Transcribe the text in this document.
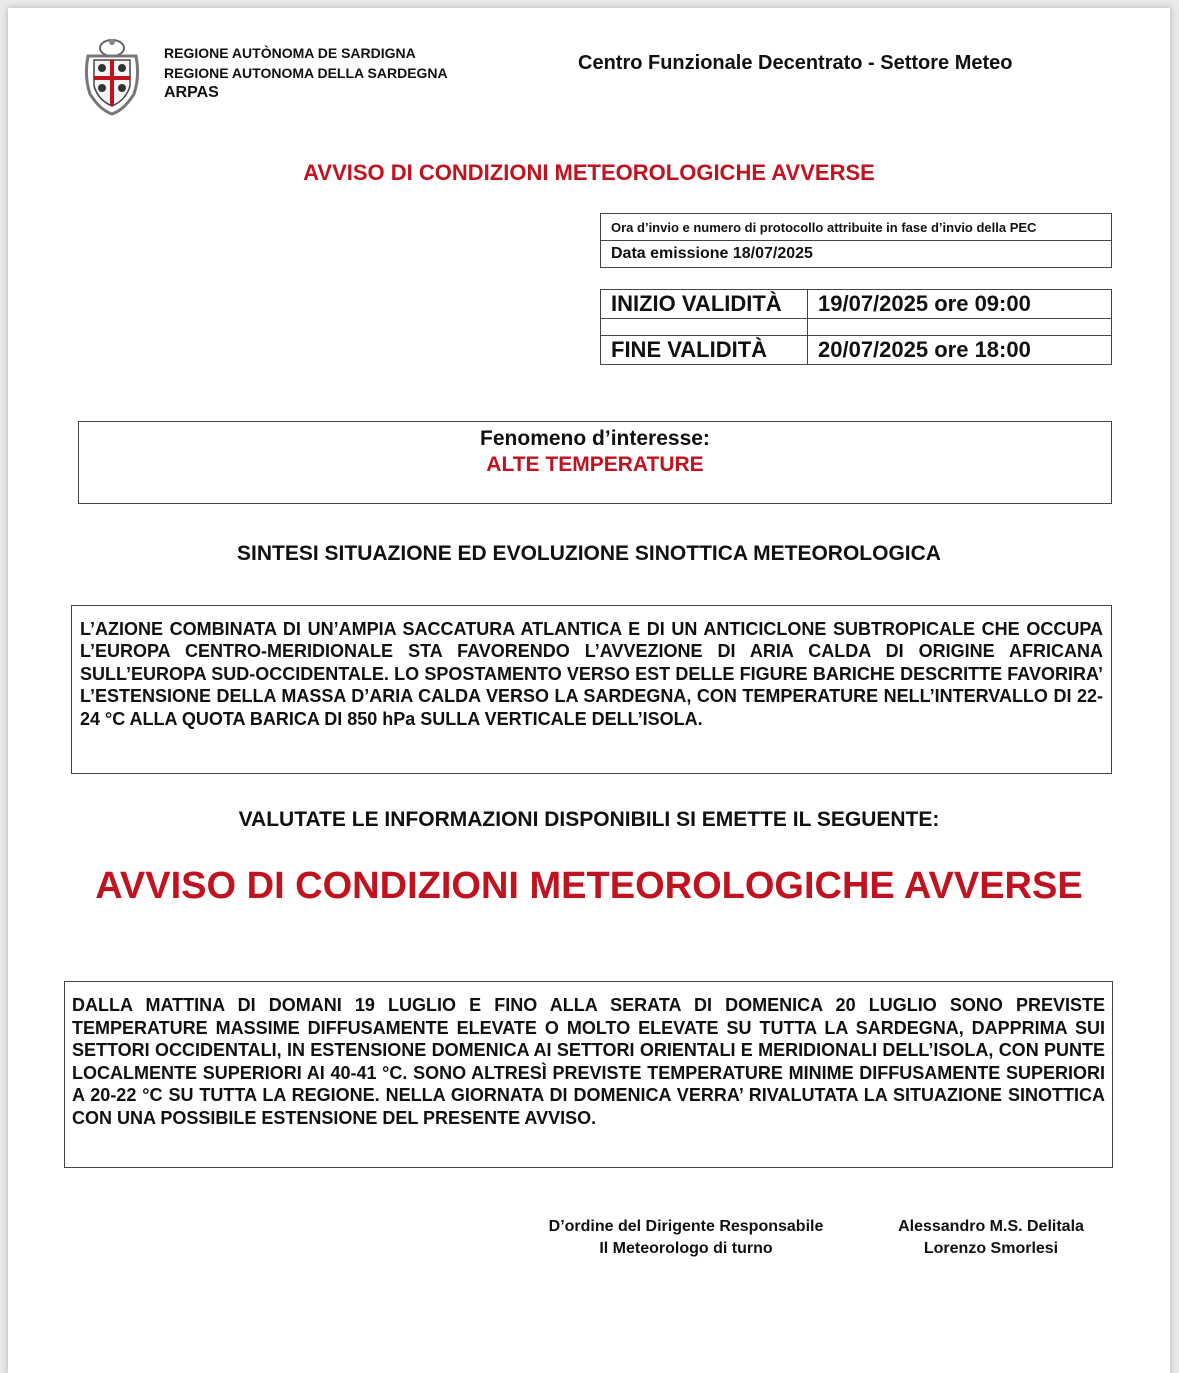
REGIONE AUTÒNOMA DE SARDIGNA
REGIONE AUTONOMA DELLA SARDEGNA
ARPAS
Centro Funzionale Decentrato - Settore Meteo
AVVISO DI CONDIZIONI METEOROLOGICHE AVVERSE
Ora d’invio e numero di protocollo attribuite in fase d’invio della PEC
Data emissione 18/07/2025
INIZIO VALIDITÀ	19/07/2025 ore 09:00

FINE VALIDITÀ	20/07/2025 ore 18:00
Fenomeno d’interesse:
ALTE TEMPERATURE
SINTESI SITUAZIONE ED EVOLUZIONE SINOTTICA METEOROLOGICA
L’AZIONE COMBINATA DI UN’AMPIA SACCATURA ATLANTICA E DI UN ANTICICLONE SUBTROPICALE CHE OCCUPA L’EUROPA CENTRO-MERIDIONALE STA FAVORENDO L’AVVEZIONE DI ARIA CALDA DI ORIGINE AFRICANA SULL’EUROPA SUD-OCCIDENTALE. LO SPOSTAMENTO VERSO EST DELLE FIGURE BARICHE DESCRITTE FAVORIRA’ L’ESTENSIONE DELLA MASSA D’ARIA CALDA VERSO LA SARDEGNA, CON TEMPERATURE NELL’INTERVALLO DI 22-24 °C ALLA QUOTA BARICA DI 850 hPa SULLA VERTICALE DELL’ISOLA.
VALUTATE LE INFORMAZIONI DISPONIBILI SI EMETTE IL SEGUENTE:
AVVISO DI CONDIZIONI METEOROLOGICHE AVVERSE
DALLA MATTINA DI DOMANI 19 LUGLIO E FINO ALLA SERATA DI DOMENICA 20 LUGLIO SONO PREVISTE TEMPERATURE MASSIME DIFFUSAMENTE ELEVATE O MOLTO ELEVATE SU TUTTA LA SARDEGNA, DAPPRIMA SUI SETTORI OCCIDENTALI, IN ESTENSIONE DOMENICA AI SETTORI ORIENTALI E MERIDIONALI DELL’ISOLA, CON PUNTE LOCALMENTE SUPERIORI AI 40-41 °C. SONO ALTRESÌ PREVISTE TEMPERATURE MINIME DIFFUSAMENTE SUPERIORI A 20-22 °C SU TUTTA LA REGIONE. NELLA GIORNATA DI DOMENICA VERRA’ RIVALUTATA LA SITUAZIONE SINOTTICA CON UNA POSSIBILE ESTENSIONE DEL PRESENTE AVVISO.
D’ordine del Dirigente Responsabile
Il Meteorologo di turno
Alessandro M.S. Delitala
Lorenzo Smorlesi
